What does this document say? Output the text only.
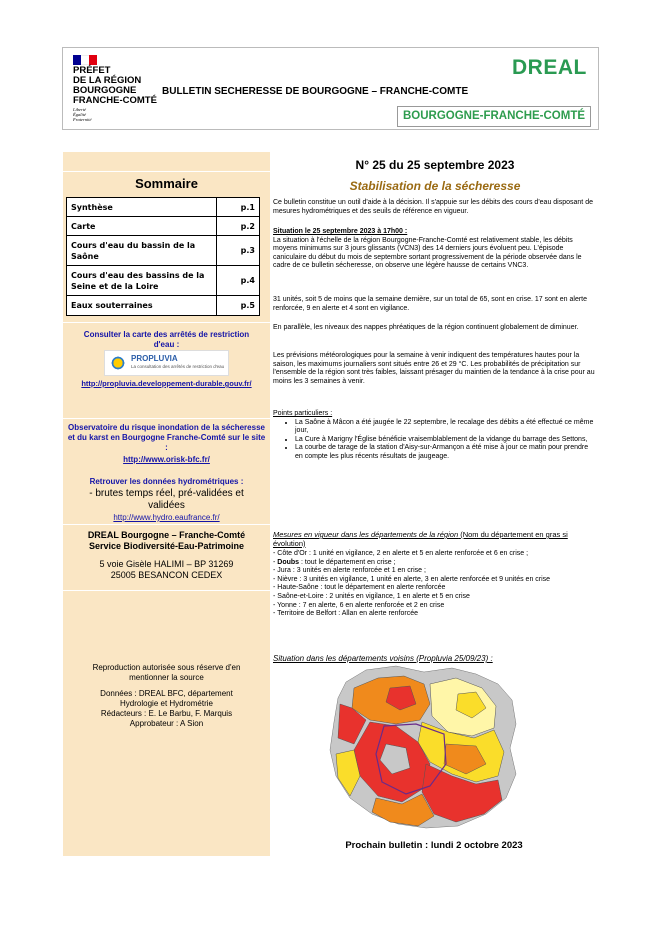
PRÉFET
DE LA RÉGION
BOURGOGNE
FRANCHE-COMTÉ
Liberté
Égalité
Fraternité
BULLETIN SECHERESSE DE BOURGOGNE – FRANCHE-COMTE
DREAL
BOURGOGNE-FRANCHE-COMTÉ
Sommaire
Synthèse	p.1
Carte	p.2
Cours d'eau du bassin de la Saône	p.3
Cours d'eau des bassins de la Seine et de la Loire	p.4
Eaux souterraines	p.5
Consulter la carte des arrêtés de restriction d'eau :
PROPLUVIA
La consultation des arrêtés de restriction d'eau
http://propluvia.developpement-durable.gouv.fr/
Observatoire du risque inondation de la sécheresse et du karst en Bourgogne Franche-Comté sur le site :
http://www.orisk-bfc.fr/
Retrouver les données hydrométriques :
- brutes temps réel, pré-validées et validées
http://www.hydro.eaufrance.fr/
DREAL Bourgogne – Franche-Comté
Service Biodiversité-Eau-Patrimoine
5 voie Gisèle HALIMI – BP 31269
25005 BESANCON CEDEX
Reproduction autorisée sous réserve d'en mentionner la source
Données : DREAL BFC, département Hydrologie et Hydrométrie
Rédacteurs : E. Le Barbu, F. Marquis
Approbateur : A Sion
N° 25 du 25 septembre 2023
Stabilisation de la sécheresse

Ce bulletin constitue un outil d'aide à la décision. Il s'appuie sur les débits des cours d'eau disposant de mesures hydrométriques et des seuils de référence en vigueur.

Situation le 25 septembre 2023 à 17h00 :

La situation à l'échelle de la région Bourgogne-Franche-Comté est relativement stable, les débits moyens minimums sur 3 jours glissants (VCN3) des 14 derniers jours évoluent peu. L'épisode caniculaire du début du mois de septembre sortant progressivement de la période observée dans le cadre de ce bulletin sécheresse, on observe une légère hausse de certains VNC3.

31 unités, soit 5 de moins que la semaine dernière, sur un total de 65, sont en crise. 17 sont en alerte renforcée, 9 en alerte et 4 sont en vigilance.

En parallèle, les niveaux des nappes phréatiques de la région continuent globalement de diminuer.

Les prévisions météorologiques pour la semaine à venir indiquent des températures hautes pour la saison, les maximums journaliers sont situés entre 26 et 29 °C. Les probabilités de précipitation sur l'ensemble de la région sont très faibles, laissant présager du maintien de la tendance à la crise pour au moins les 3 semaines à venir.

Points particuliers :

• La Saône à Mâcon a été jaugée le 22 septembre, le recalage des débits a été effectué ce même jour,
• La Cure à Marigny l'Église bénéficie vraisemblablement de la vidange du barrage des Settons,
• La courbe de tarage de la station d'Aisy-sur-Armançon a été mise à jour ce matin pour prendre en compte les plus récents résultats de jaugeage.

Mesures en vigueur dans les départements de la région (Nom du département en gras si évolution)

- Côte d'Or : 1 unité en vigilance, 2 en alerte et 5 en alerte renforcée et 6 en crise ;

- Doubs : tout le département en crise ;

- Jura : 3 unités en alerte renforcée et 1 en crise ;

- Nièvre : 3 unités en vigilance, 1 unité en alerte, 3 en alerte renforcée et 9 unités en crise

- Haute-Saône : tout le département en alerte renforcée

- Saône-et-Loire : 2 unités en vigilance, 1 en alerte et 5 en crise

- Yonne : 7 en alerte, 6 en alerte renforcée et 2 en crise

- Territoire de Belfort : Allan en alerte renforcée

Situation dans les départements voisins (Propluvia 25/09/23) :
Prochain bulletin : lundi 2 octobre 2023
